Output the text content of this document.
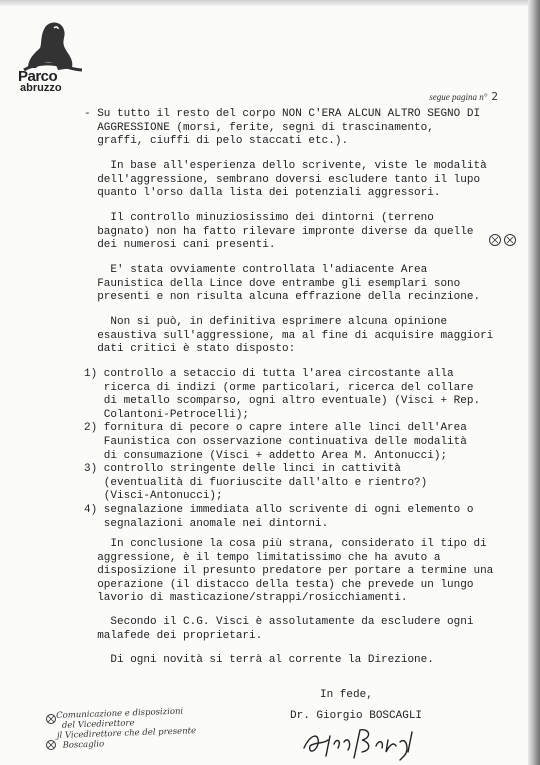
Parco
abruzzo
segue pagina n° 2
- Su tutto il resto del corpo NON C'ERA ALCUN ALTRO SEGNO DI
AGGRESSIONE (morsi, ferite, segni di trascinamento,
graffi, ciuffi di pelo staccati etc.).
In base all'esperienza dello scrivente, viste le modalità
dell'aggressione, sembrano doversi escludere tanto il lupo
quanto l'orso dalla lista dei potenziali aggressori.
Il controllo minuziosissimo dei dintorni (terreno
bagnato) non ha fatto rilevare impronte diverse da quelle
dei numerosi cani presenti.
E' stata ovviamente controllata l'adiacente Area
Faunistica della Lince dove entrambe gli esemplari sono
presenti e non risulta alcuna effrazione della recinzione.
Non si può, in definitiva esprimere alcuna opinione
esaustiva sull'aggressione, ma al fine di acquisire maggiori
dati critici è stato disposto:
1) controllo a setaccio di tutta l'area circostante alla
ricerca di indizi (orme particolari, ricerca del collare
di metallo scomparso, ogni altro eventuale) (Visci + Rep.
Colantoni-Petrocelli);
2) fornitura di pecore o capre intere alle linci dell'Area
Faunistica con osservazione continuativa delle modalità
di consumazione (Visci + addetto Area M. Antonucci);
3) controllo stringente delle linci in cattività
(eventualità di fuoriuscite dall'alto e rientro?)
(Visci-Antonucci);
4) segnalazione immediata allo scrivente di ogni elemento o
segnalazioni anomale nei dintorni.
In conclusione la cosa più strana, considerato il tipo di
aggressione, è il tempo limitatissimo che ha avuto a
disposizione il presunto predatore per portare a termine una
operazione (il distacco della testa) che prevede un lungo
lavorio di masticazione/strappi/rosicchiamenti.
Secondo il C.G. Visci è assolutamente da escludere ogni
malafede dei proprietari.
Di ogni novità si terrà al corrente la Direzione.
In fede,
Dr. Giorgio BOSCAGLI
Comunicazione e disposizioni
del Vicedirettore
jl Vicedirettore che del presente
Boscaglio
